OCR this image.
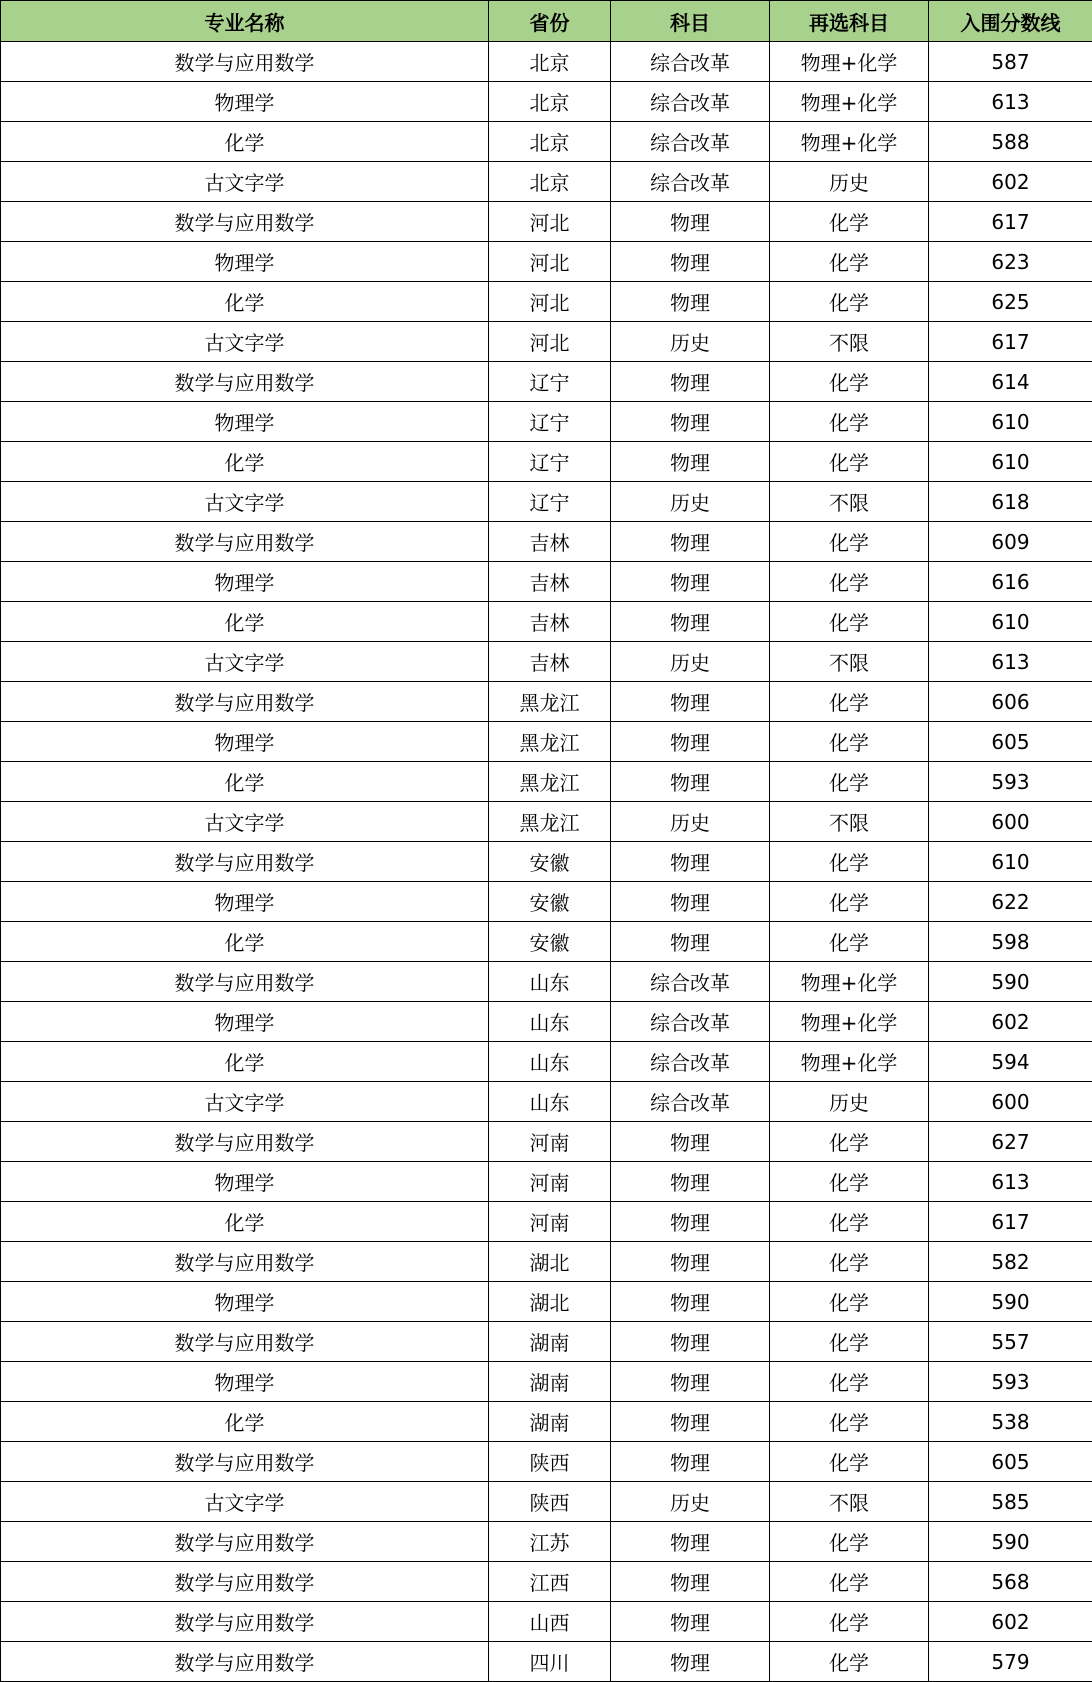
专业名称	省份	科目	再选科目	入围分数线
数学与应用数学	北京	综合改革	物理+化学	587
物理学	北京	综合改革	物理+化学	613
化学	北京	综合改革	物理+化学	588
古文字学	北京	综合改革	历史	602
数学与应用数学	河北	物理	化学	617
物理学	河北	物理	化学	623
化学	河北	物理	化学	625
古文字学	河北	历史	不限	617
数学与应用数学	辽宁	物理	化学	614
物理学	辽宁	物理	化学	610
化学	辽宁	物理	化学	610
古文字学	辽宁	历史	不限	618
数学与应用数学	吉林	物理	化学	609
物理学	吉林	物理	化学	616
化学	吉林	物理	化学	610
古文字学	吉林	历史	不限	613
数学与应用数学	黑龙江	物理	化学	606
物理学	黑龙江	物理	化学	605
化学	黑龙江	物理	化学	593
古文字学	黑龙江	历史	不限	600
数学与应用数学	安徽	物理	化学	610
物理学	安徽	物理	化学	622
化学	安徽	物理	化学	598
数学与应用数学	山东	综合改革	物理+化学	590
物理学	山东	综合改革	物理+化学	602
化学	山东	综合改革	物理+化学	594
古文字学	山东	综合改革	历史	600
数学与应用数学	河南	物理	化学	627
物理学	河南	物理	化学	613
化学	河南	物理	化学	617
数学与应用数学	湖北	物理	化学	582
物理学	湖北	物理	化学	590
数学与应用数学	湖南	物理	化学	557
物理学	湖南	物理	化学	593
化学	湖南	物理	化学	538
数学与应用数学	陕西	物理	化学	605
古文字学	陕西	历史	不限	585
数学与应用数学	江苏	物理	化学	590
数学与应用数学	江西	物理	化学	568
数学与应用数学	山西	物理	化学	602
数学与应用数学	四川	物理	化学	579
